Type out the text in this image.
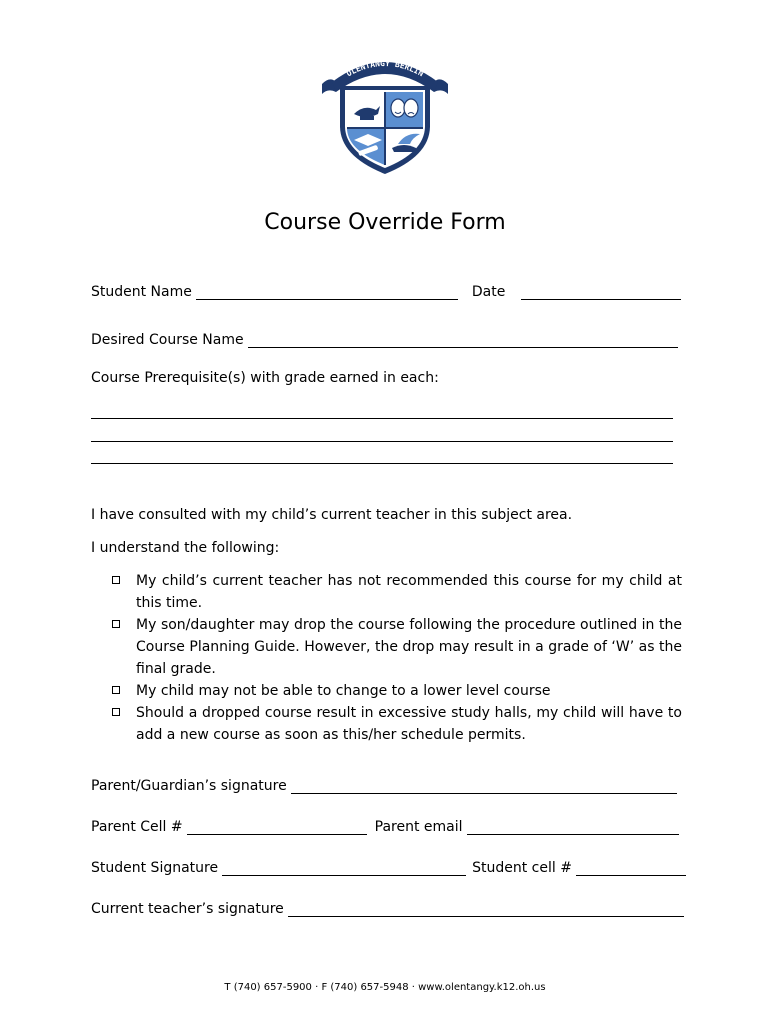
OLENTANGY BERLIN
EST. 2018
Course Override Form
Student Name	Date
Desired Course Name
Course Prerequisite(s) with grade earned in each:
I have consulted with my child’s current teacher in this subject area.
I understand the following:
My child’s current teacher has not recommended this course for my child at this time.
My son/daughter may drop the course following the procedure outlined in the Course Planning Guide. However, the drop may result in a grade of ‘W’ as the final grade.
My child may not be able to change to a lower level course
Should a dropped course result in excessive study halls, my child will have to add a new course as soon as this/her schedule permits.
Parent/Guardian’s signature
Parent Cell #	Parent email
Student Signature	Student cell #
Current teacher’s signature
T (740) 657-5900 · F (740) 657-5948 · www.olentangy.k12.oh.us
